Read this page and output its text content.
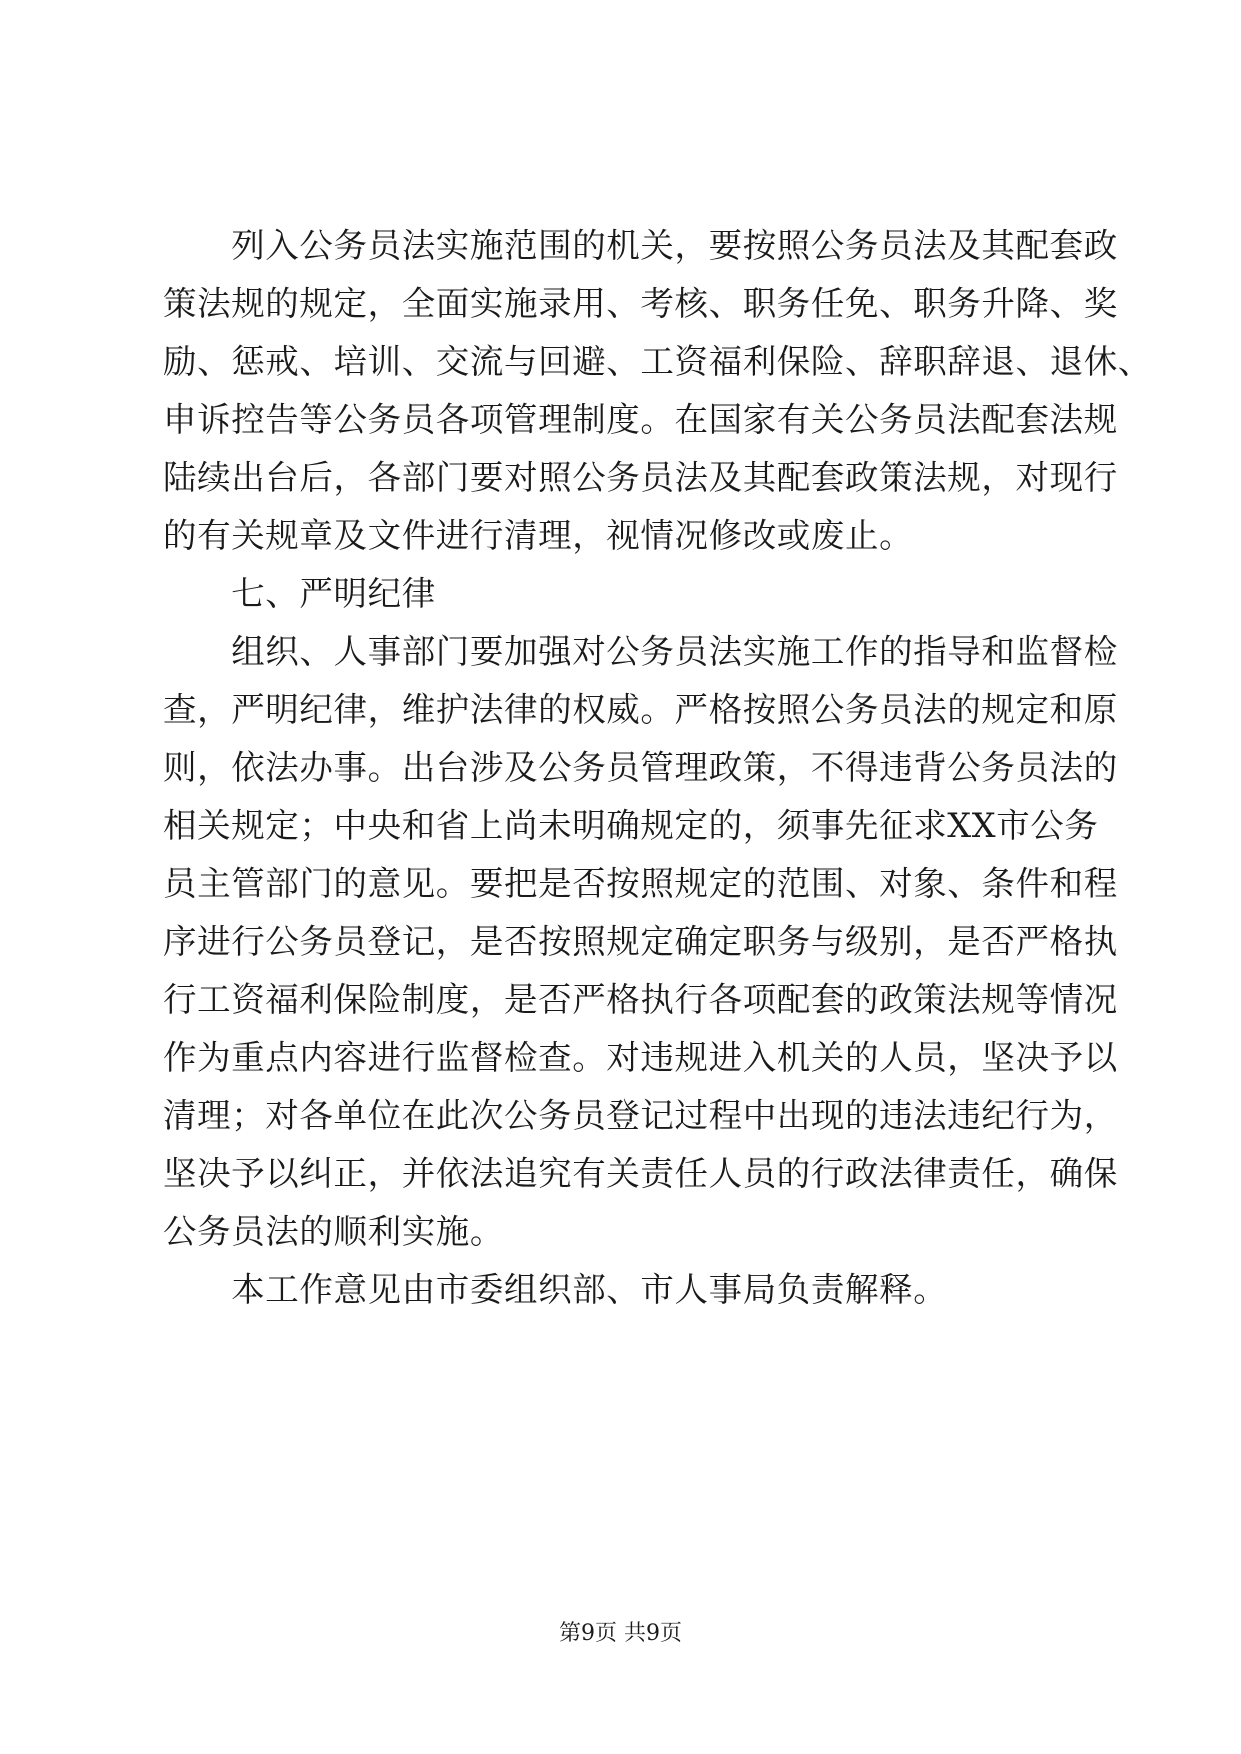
　　列入公务员法实施范围的机关，要按照公务员法及其配套政
策法规的规定，全面实施录用、考核、职务任免、职务升降、奖
励、惩戒、培训、交流与回避、工资福利保险、辞职辞退、退休、
申诉控告等公务员各项管理制度。在国家有关公务员法配套法规
陆续出台后，各部门要对照公务员法及其配套政策法规，对现行
的有关规章及文件进行清理，视情况修改或废止。
　　七、严明纪律
　　组织、人事部门要加强对公务员法实施工作的指导和监督检
查，严明纪律，维护法律的权威。严格按照公务员法的规定和原
则，依法办事。出台涉及公务员管理政策，不得违背公务员法的
相关规定；中央和省上尚未明确规定的，须事先征求XX市公务
员主管部门的意见。要把是否按照规定的范围、对象、条件和程
序进行公务员登记，是否按照规定确定职务与级别，是否严格执
行工资福利保险制度，是否严格执行各项配套的政策法规等情况
作为重点内容进行监督检查。对违规进入机关的人员，坚决予以
清理；对各单位在此次公务员登记过程中出现的违法违纪行为，
坚决予以纠正，并依法追究有关责任人员的行政法律责任，确保
公务员法的顺利实施。
　　本工作意见由市委组织部、市人事局负责解释。
第9页 共9页
